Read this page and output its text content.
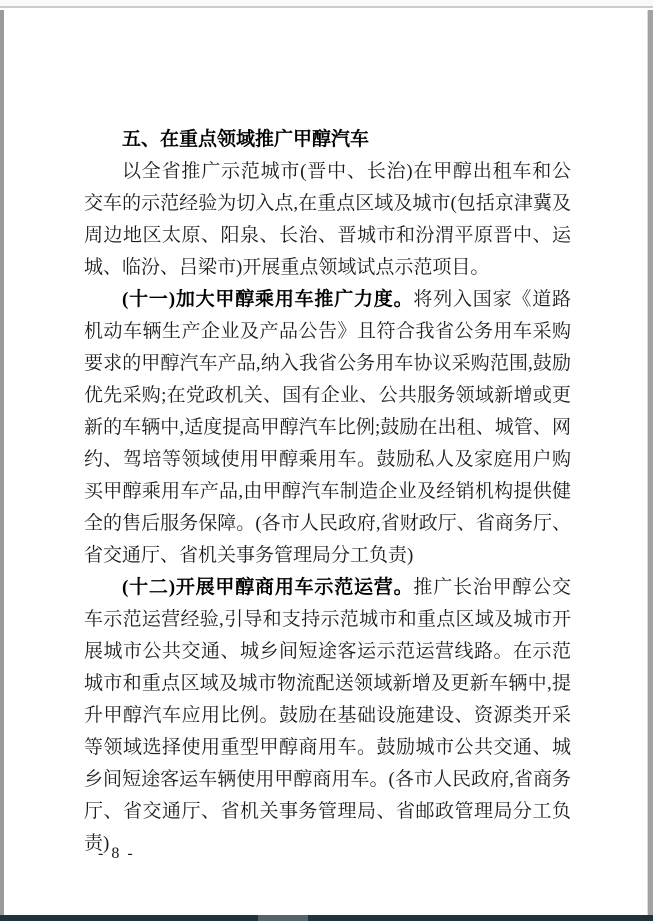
五、在重点领域推广甲醇汽车

以全省推广示范城市(晋中、长治)在甲醇出租车和公交车的示范经验为切入点,在重点区域及城市(包括京津冀及周边地区太原、阳泉、长治、晋城市和汾渭平原晋中、运城、临汾、吕梁市)开展重点领域试点示范项目。

(十一)加大甲醇乘用车推广力度。将列入国家《道路机动车辆生产企业及产品公告》且符合我省公务用车采购要求的甲醇汽车产品,纳入我省公务用车协议采购范围,鼓励优先采购;在党政机关、国有企业、公共服务领域新增或更新的车辆中,适度提高甲醇汽车比例;鼓励在出租、城管、网约、驾培等领域使用甲醇乘用车。鼓励私人及家庭用户购买甲醇乘用车产品,由甲醇汽车制造企业及经销机构提供健全的售后服务保障。(各市人民政府,省财政厅、省商务厅、省交通厅、省机关事务管理局分工负责)

(十二)开展甲醇商用车示范运营。推广长治甲醇公交车示范运营经验,引导和支持示范城市和重点区域及城市开展城市公共交通、城乡间短途客运示范运营线路。在示范城市和重点区域及城市物流配送领域新增及更新车辆中,提升甲醇汽车应用比例。鼓励在基础设施建设、资源类开采等领域选择使用重型甲醇商用车。鼓励城市公共交通、城乡间短途客运车辆使用甲醇商用车。(各市人民政府,省商务厅、省交通厅、省机关事务管理局、省邮政管理局分工负责)

- 8 -
